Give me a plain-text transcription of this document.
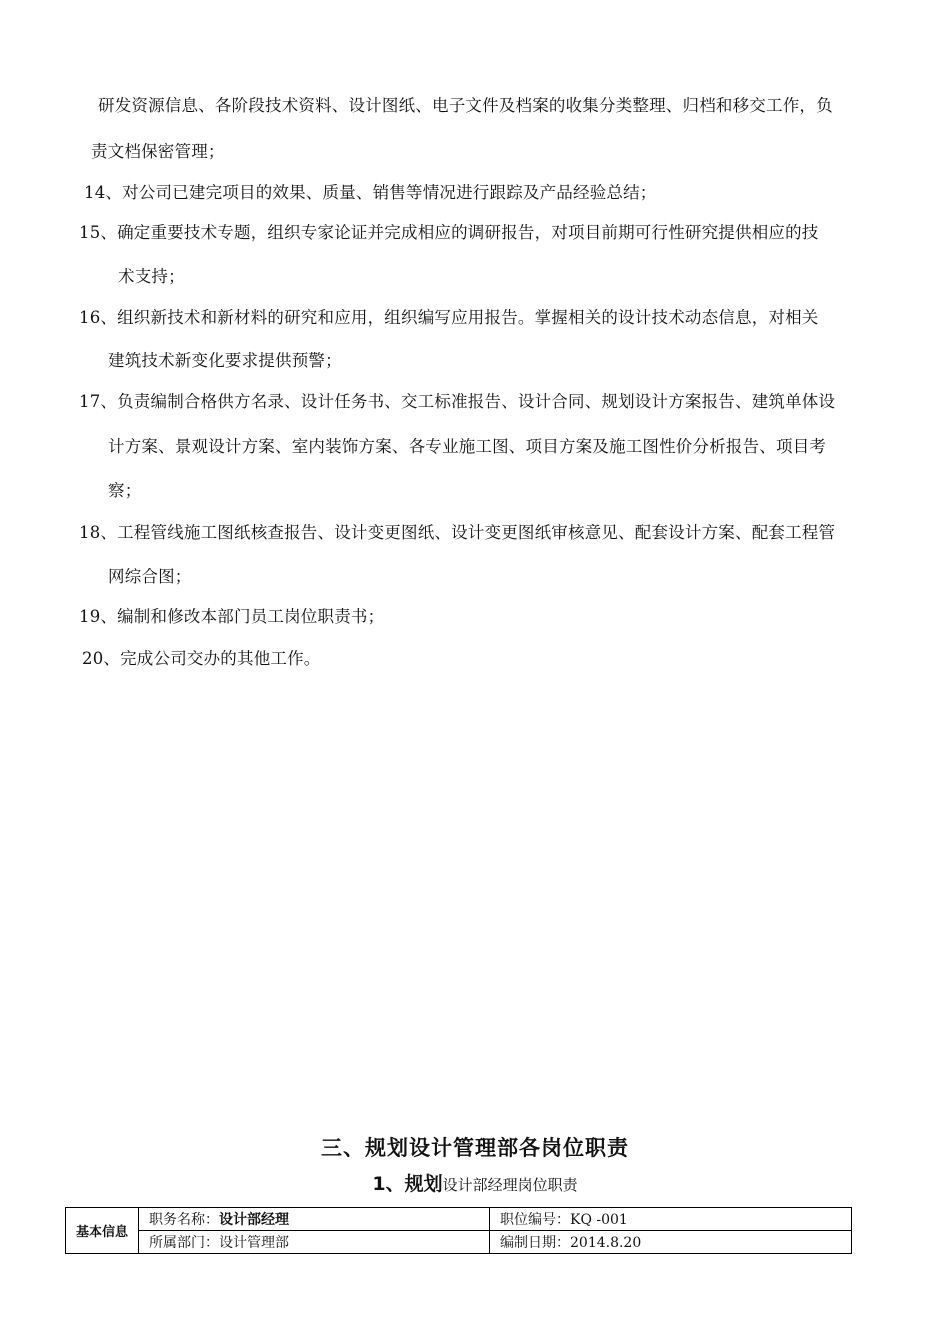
研发资源信息、各阶段技术资料、设计图纸、电子文件及档案的收集分类整理、归档和移交工作，负
责文档保密管理；
14、对公司已建完项目的效果、质量、销售等情况进行跟踪及产品经验总结；
15、确定重要技术专题，组织专家论证并完成相应的调研报告，对项目前期可行性研究提供相应的技
术支持；
16、组织新技术和新材料的研究和应用，组织编写应用报告。掌握相关的设计技术动态信息，对相关
建筑技术新变化要求提供预警；
17、负责编制合格供方名录、设计任务书、交工标准报告、设计合同、规划设计方案报告、建筑单体设
计方案、景观设计方案、室内装饰方案、各专业施工图、项目方案及施工图性价分析报告、项目考
察；
18、工程管线施工图纸核查报告、设计变更图纸、设计变更图纸审核意见、配套设计方案、配套工程管
网综合图；
19、编制和修改本部门员工岗位职责书；
20、完成公司交办的其他工作。
三、规划设计管理部各岗位职责
1、规划设计部经理岗位职责
基本信息	职务名称：设计部经理	职位编号：KQ -001
	所属部门：设计管理部	编制日期：2014.8.20
